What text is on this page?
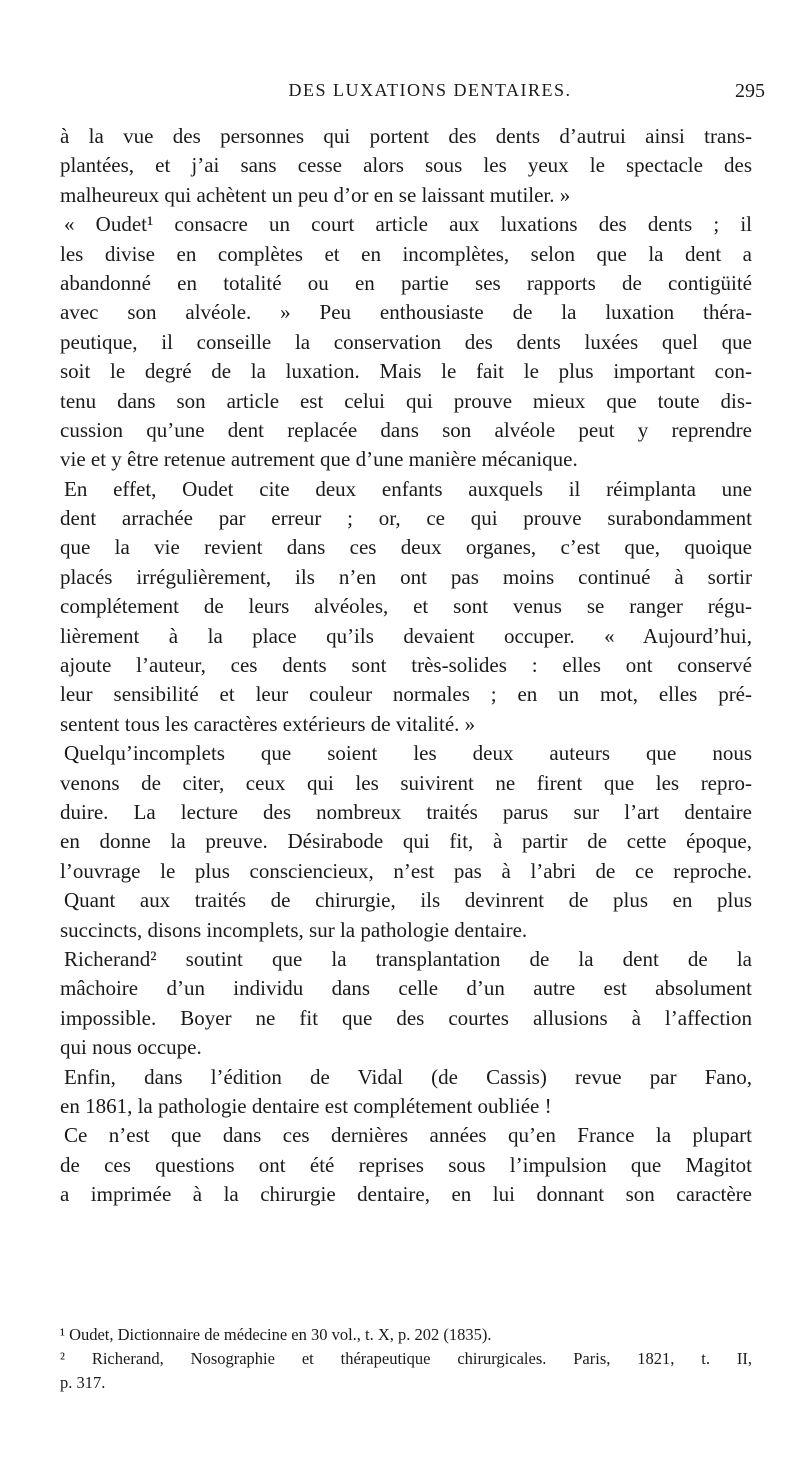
DES LUXATIONS DENTAIRES.	295
à la vue des personnes qui portent des dents d’autrui ainsi trans-
plantées, et j’ai sans cesse alors sous les yeux le spectacle des
malheureux qui achètent un peu d’or en se laissant mutiler. »
« Oudet¹ consacre un court article aux luxations des dents ; il
les divise en complètes et en incomplètes, selon que la dent a
abandonné en totalité ou en partie ses rapports de contigüité
avec son alvéole. » Peu enthousiaste de la luxation théra-
peutique, il conseille la conservation des dents luxées quel que
soit le degré de la luxation. Mais le fait le plus important con-
tenu dans son article est celui qui prouve mieux que toute dis-
cussion qu’une dent replacée dans son alvéole peut y reprendre
vie et y être retenue autrement que d’une manière mécanique.
En effet, Oudet cite deux enfants auxquels il réimplanta une
dent arrachée par erreur ; or, ce qui prouve surabondamment
que la vie revient dans ces deux organes, c’est que, quoique
placés irrégulièrement, ils n’en ont pas moins continué à sortir
complétement de leurs alvéoles, et sont venus se ranger régu-
lièrement à la place qu’ils devaient occuper. « Aujourd’hui,
ajoute l’auteur, ces dents sont très-solides : elles ont conservé
leur sensibilité et leur couleur normales ; en un mot, elles pré-
sentent tous les caractères extérieurs de vitalité. »
Quelqu’incomplets que soient les deux auteurs que nous
venons de citer, ceux qui les suivirent ne firent que les repro-
duire. La lecture des nombreux traités parus sur l’art dentaire
en donne la preuve. Désirabode qui fit, à partir de cette époque,
l’ouvrage le plus consciencieux, n’est pas à l’abri de ce reproche.
Quant aux traités de chirurgie, ils devinrent de plus en plus
succincts, disons incomplets, sur la pathologie dentaire.
Richerand² soutint que la transplantation de la dent de la
mâchoire d’un individu dans celle d’un autre est absolument
impossible. Boyer ne fit que des courtes allusions à l’affection
qui nous occupe.
Enfin, dans l’édition de Vidal (de Cassis) revue par Fano,
en 1861, la pathologie dentaire est complétement oubliée !
Ce n’est que dans ces dernières années qu’en France la plupart
de ces questions ont été reprises sous l’impulsion que Magitot
a imprimée à la chirurgie dentaire, en lui donnant son caractère
¹ Oudet, Dictionnaire de médecine en 30 vol., t. X, p. 202 (1835).
² Richerand, Nosographie et thérapeutique chirurgicales. Paris, 1821, t. II,
p. 317.
